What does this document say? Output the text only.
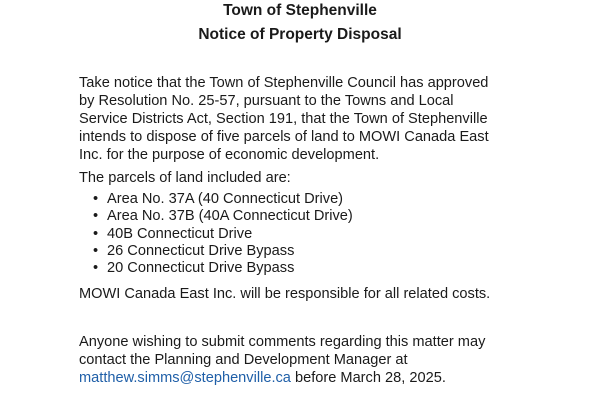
Town of Stephenville
Notice of Property Disposal
Take notice that the Town of Stephenville Council has approved
by Resolution No. 25-57, pursuant to the Towns and Local
Service Districts Act, Section 191, that the Town of Stephenville
intends to dispose of five parcels of land to MOWI Canada East
Inc. for the purpose of economic development.
The parcels of land included are:
• Area No. 37A (40 Connecticut Drive)
• Area No. 37B (40A Connecticut Drive)
• 40B Connecticut Drive
• 26 Connecticut Drive Bypass
• 20 Connecticut Drive Bypass
MOWI Canada East Inc. will be responsible for all related costs.
Anyone wishing to submit comments regarding this matter may
contact the Planning and Development Manager at
matthew.simms@stephenville.ca before March 28, 2025.
